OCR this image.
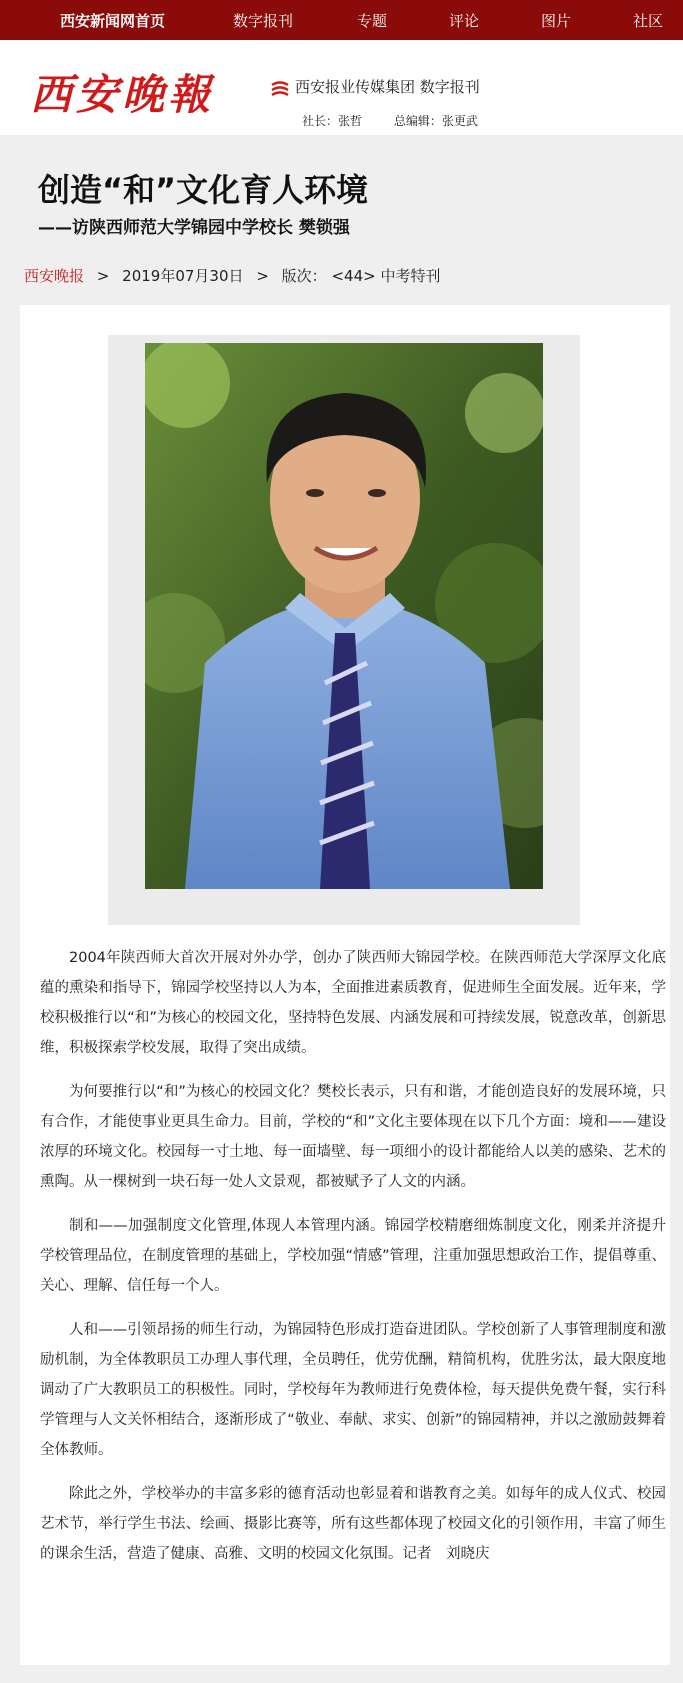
西安新闻网首页	数字报刊	专题	评论	图片	社区
西安晚報	西安报业传媒集团 数字报刊
社长：张哲	总编辑：张更武
创造“和”文化育人环境
——访陕西师范大学锦园中学校长 樊锁强
西安晚报 > 2019年07月30日 > 版次： <44> 中考特刊

2004年陕西师大首次开展对外办学，创办了陕西师大锦园学校。在陕西师范大学深厚文化底蕴的熏染和指导下，锦园学校坚持以人为本，全面推进素质教育，促进师生全面发展。近年来，学校积极推行以“和”为核心的校园文化，坚持特色发展、内涵发展和可持续发展，锐意改革，创新思维，积极探索学校发展，取得了突出成绩。

为何要推行以“和”为核心的校园文化？樊校长表示，只有和谐，才能创造良好的发展环境，只有合作，才能使事业更具生命力。目前，学校的“和”文化主要体现在以下几个方面：境和——建设浓厚的环境文化。校园每一寸土地、每一面墙壁、每一项细小的设计都能给人以美的感染、艺术的熏陶。从一棵树到一块石每一处人文景观，都被赋予了人文的内涵。

制和——加强制度文化管理,体现人本管理内涵。锦园学校精磨细炼制度文化，刚柔并济提升学校管理品位，在制度管理的基础上，学校加强“情感”管理，注重加强思想政治工作，提倡尊重、关心、理解、信任每一个人。

人和——引领昂扬的师生行动，为锦园特色形成打造奋进团队。学校创新了人事管理制度和激励机制，为全体教职员工办理人事代理，全员聘任，优劳优酬，精简机构，优胜劣汰，最大限度地调动了广大教职员工的积极性。同时，学校每年为教师进行免费体检，每天提供免费午餐，实行科学管理与人文关怀相结合，逐渐形成了“敬业、奉献、求实、创新”的锦园精神，并以之激励鼓舞着全体教师。

除此之外，学校举办的丰富多彩的德育活动也彰显着和谐教育之美。如每年的成人仪式、校园艺术节，举行学生书法、绘画、摄影比赛等，所有这些都体现了校园文化的引领作用，丰富了师生的课余生活，营造了健康、高雅、文明的校园文化氛围。记者　刘晓庆
